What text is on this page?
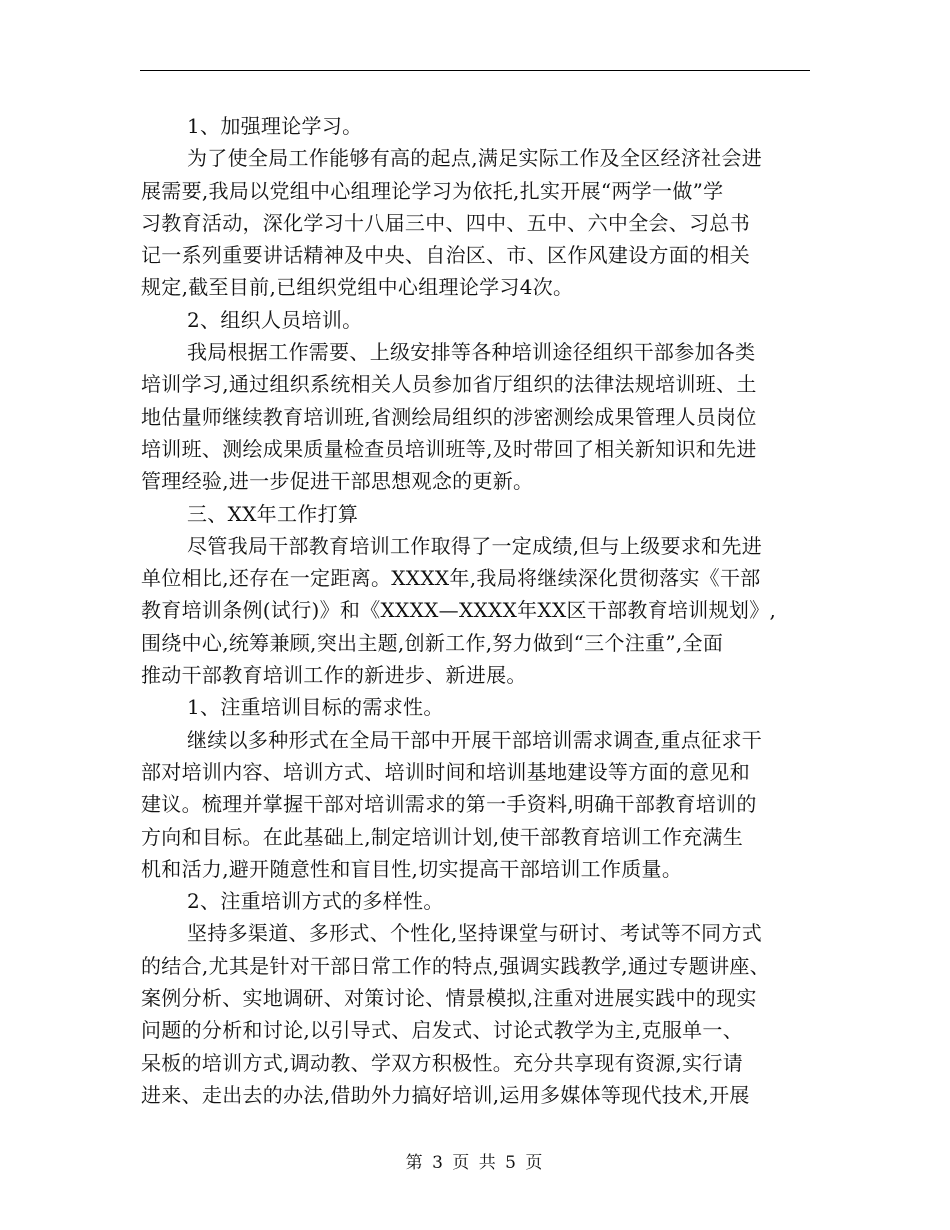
1、加强理论学习。
为了使全局工作能够有高的起点,满足实际工作及全区经济社会进
展需要,我局以党组中心组理论学习为依托,扎实开展“两学一做”学
习教育活动，深化学习十八届三中、四中、五中、六中全会、习总书
记一系列重要讲话精神及中央、自治区、市、区作风建设方面的相关
规定,截至目前,已组织党组中心组理论学习4次。
2、组织人员培训。
我局根据工作需要、上级安排等各种培训途径组织干部参加各类
培训学习,通过组织系统相关人员参加省厅组织的法律法规培训班、土
地估量师继续教育培训班,省测绘局组织的涉密测绘成果管理人员岗位
培训班、测绘成果质量检查员培训班等,及时带回了相关新知识和先进
管理经验,进一步促进干部思想观念的更新。
三、XX年工作打算
尽管我局干部教育培训工作取得了一定成绩,但与上级要求和先进
单位相比,还存在一定距离。XXXX年,我局将继续深化贯彻落实《干部
教育培训条例(试行)》和《XXXX—XXXX年XX区干部教育培训规划》,
围绕中心,统筹兼顾,突出主题,创新工作,努力做到“三个注重”,全面
推动干部教育培训工作的新进步、新进展。
1、注重培训目标的需求性。
继续以多种形式在全局干部中开展干部培训需求调查,重点征求干
部对培训内容、培训方式、培训时间和培训基地建设等方面的意见和
建议。梳理并掌握干部对培训需求的第一手资料,明确干部教育培训的
方向和目标。在此基础上,制定培训计划,使干部教育培训工作充满生
机和活力,避开随意性和盲目性,切实提高干部培训工作质量。
2、注重培训方式的多样性。
坚持多渠道、多形式、个性化,坚持课堂与研讨、考试等不同方式
的结合,尤其是针对干部日常工作的特点,强调实践教学,通过专题讲座、
案例分析、实地调研、对策讨论、情景模拟,注重对进展实践中的现实
问题的分析和讨论,以引导式、启发式、讨论式教学为主,克服单一、
呆板的培训方式,调动教、学双方积极性。充分共享现有资源,实行请
进来、走出去的办法,借助外力搞好培训,运用多媒体等现代技术,开展
第 3 页 共 5 页
